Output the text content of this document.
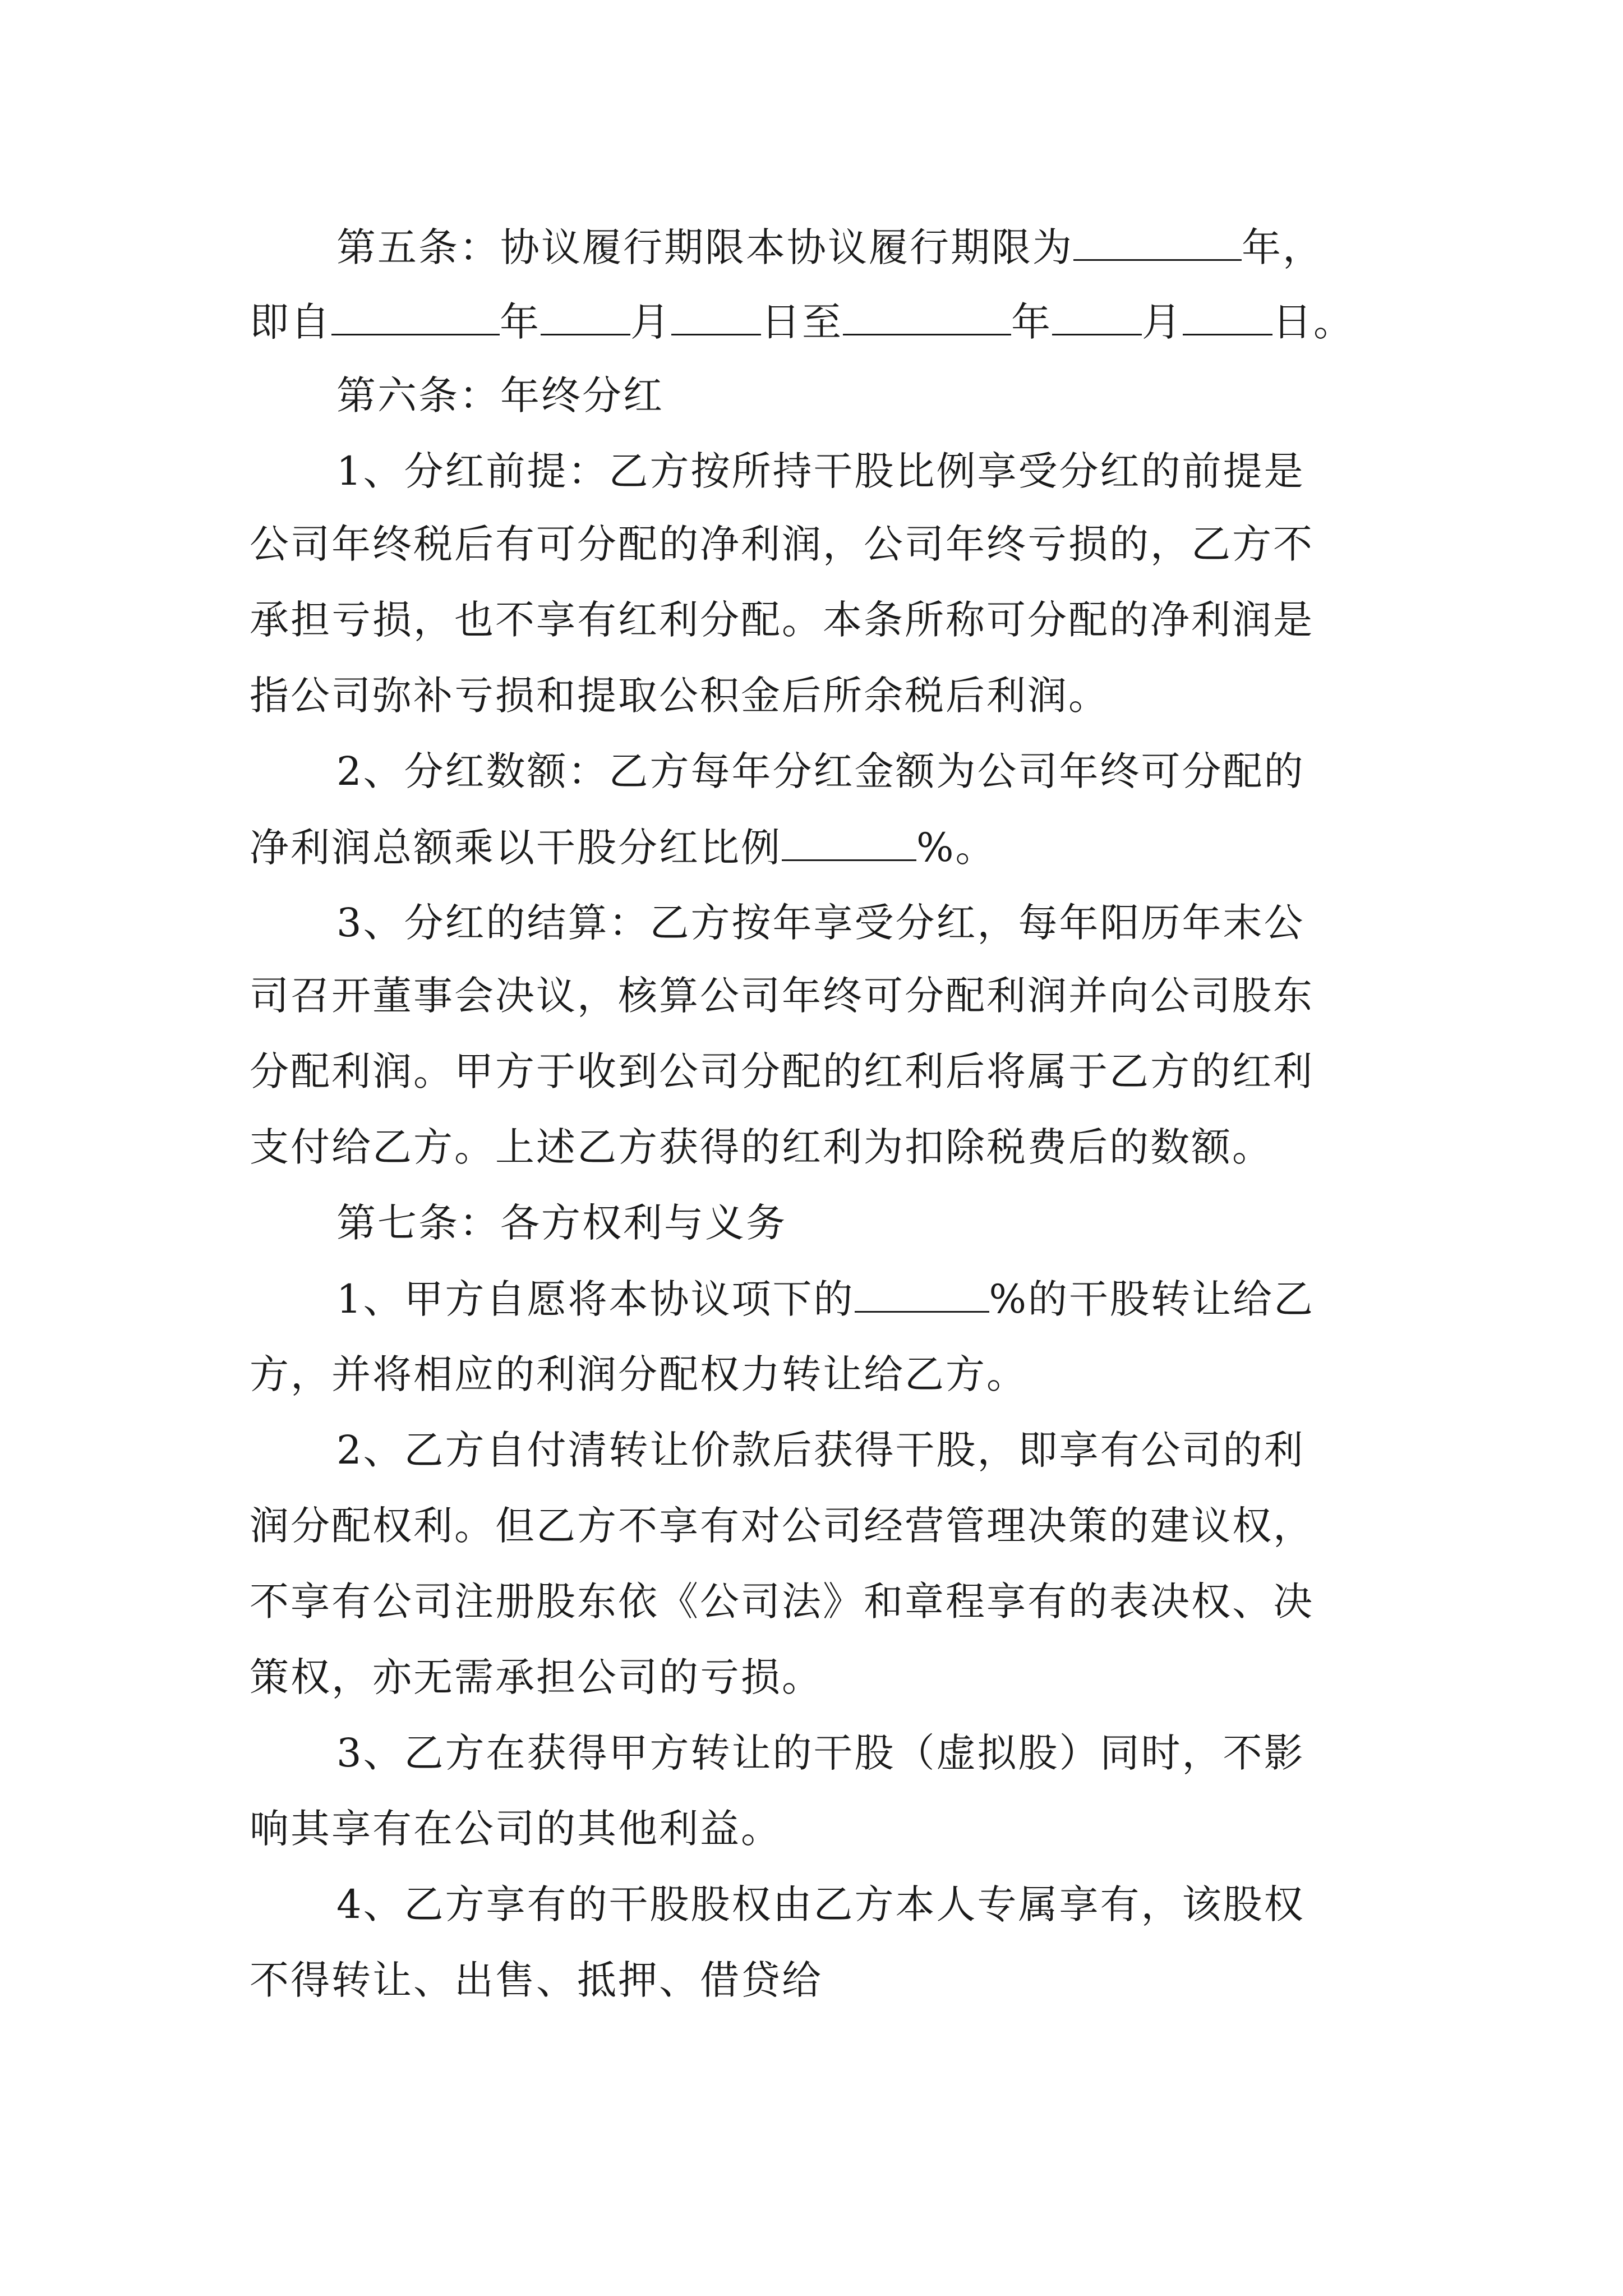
第五条：协议履行期限本协议履行期限为	年，
即自	年 月 日至	年 月 日。
第六条：年终分红
1、分红前提：乙方按所持干股比例享受分红的前提是
公司年终税后有可分配的净利润，公司年终亏损的，乙方不
承担亏损，也不享有红利分配。本条所称可分配的净利润是
指公司弥补亏损和提取公积金后所余税后利润。
2、分红数额：乙方每年分红金额为公司年终可分配的
净利润总额乘以干股分红比例	%。
3、分红的结算：乙方按年享受分红，每年阳历年末公
司召开董事会决议，核算公司年终可分配利润并向公司股东
分配利润。甲方于收到公司分配的红利后将属于乙方的红利
支付给乙方。上述乙方获得的红利为扣除税费后的数额。
第七条：各方权利与义务
1、甲方自愿将本协议项下的	%的干股转让给乙
方，并将相应的利润分配权力转让给乙方。
2、乙方自付清转让价款后获得干股，即享有公司的利
润分配权利。但乙方不享有对公司经营管理决策的建议权，
不享有公司注册股东依《公司法》和章程享有的表决权、决
策权，亦无需承担公司的亏损。
3、乙方在获得甲方转让的干股（虚拟股）同时，不影
响其享有在公司的其他利益。
4、乙方享有的干股股权由乙方本人专属享有，该股权
不得转让、出售、抵押、借贷给
